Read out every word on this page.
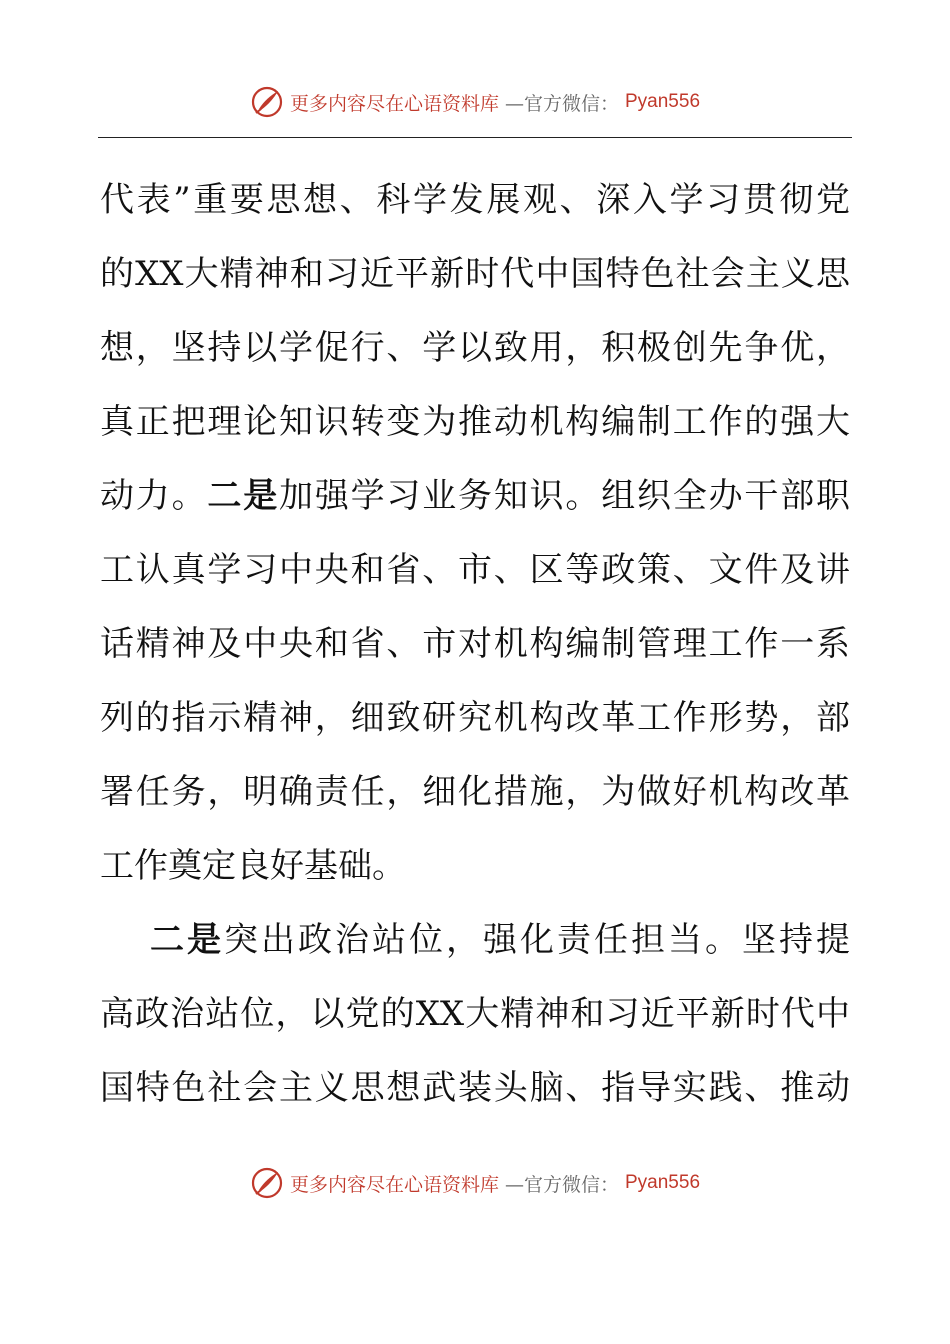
更多内容尽在心语资料库 —官方微信： Pyan556
代表”重要思想、科学发展观、深入学习贯彻党
的XX大精神和习近平新时代中国特色社会主义思
想，坚持以学促行、学以致用，积极创先争优，
真正把理论知识转变为推动机构编制工作的强大
动力。二是加强学习业务知识。组织全办干部职
工认真学习中央和省、市、区等政策、文件及讲
话精神及中央和省、市对机构编制管理工作一系
列的指示精神，细致研究机构改革工作形势，部
署任务，明确责任，细化措施，为做好机构改革
工作奠定良好基础。
二是突出政治站位，强化责任担当。坚持提
高政治站位，以党的XX大精神和习近平新时代中
国特色社会主义思想武装头脑、指导实践、推动
更多内容尽在心语资料库 —官方微信： Pyan556
